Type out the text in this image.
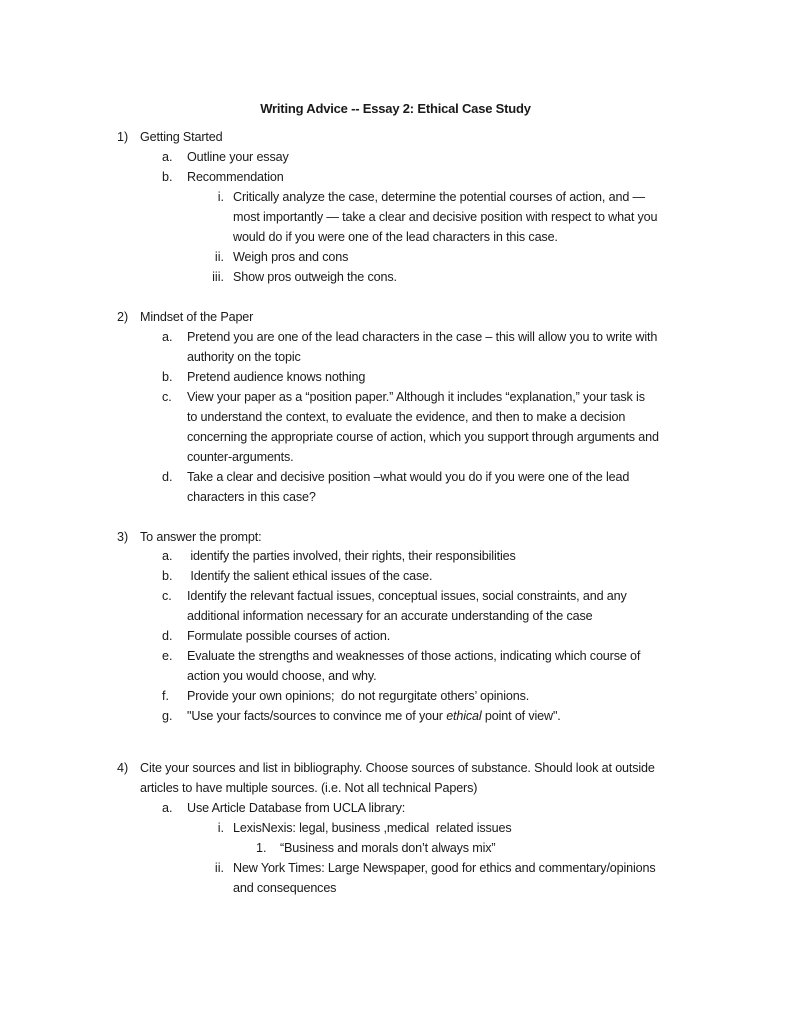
Writing Advice -- Essay 2: Ethical Case Study
1) Getting Started
a. Outline your essay
b. Recommendation
i. Critically analyze the case, determine the potential courses of action, and —
most importantly — take a clear and decisive position with respect to what you
would do if you were one of the lead characters in this case.
ii. Weigh pros and cons
iii. Show pros outweigh the cons.
2) Mindset of the Paper
a. Pretend you are one of the lead characters in the case – this will allow you to write with
authority on the topic
b. Pretend audience knows nothing
c. View your paper as a “position paper.” Although it includes “explanation,” your task is
to understand the context, to evaluate the evidence, and then to make a decision
concerning the appropriate course of action, which you support through arguments and
counter-arguments.
d. Take a clear and decisive position –what would you do if you were one of the lead
characters in this case?
3) To answer the prompt:
a. identify the parties involved, their rights, their responsibilities
b. Identify the salient ethical issues of the case.
c. Identify the relevant factual issues, conceptual issues, social constraints, and any
additional information necessary for an accurate understanding of the case
d. Formulate possible courses of action.
e. Evaluate the strengths and weaknesses of those actions, indicating which course of
action you would choose, and why.
f. Provide your own opinions;  do not regurgitate others’ opinions.
g. "Use your facts/sources to convince me of your ethical point of view".
4) Cite your sources and list in bibliography. Choose sources of substance. Should look at outside
articles to have multiple sources. (i.e. Not all technical Papers)
a. Use Article Database from UCLA library:
i. LexisNexis: legal, business ,medical  related issues
1. “Business and morals don’t always mix”
ii. New York Times: Large Newspaper, good for ethics and commentary/opinions
and consequences
